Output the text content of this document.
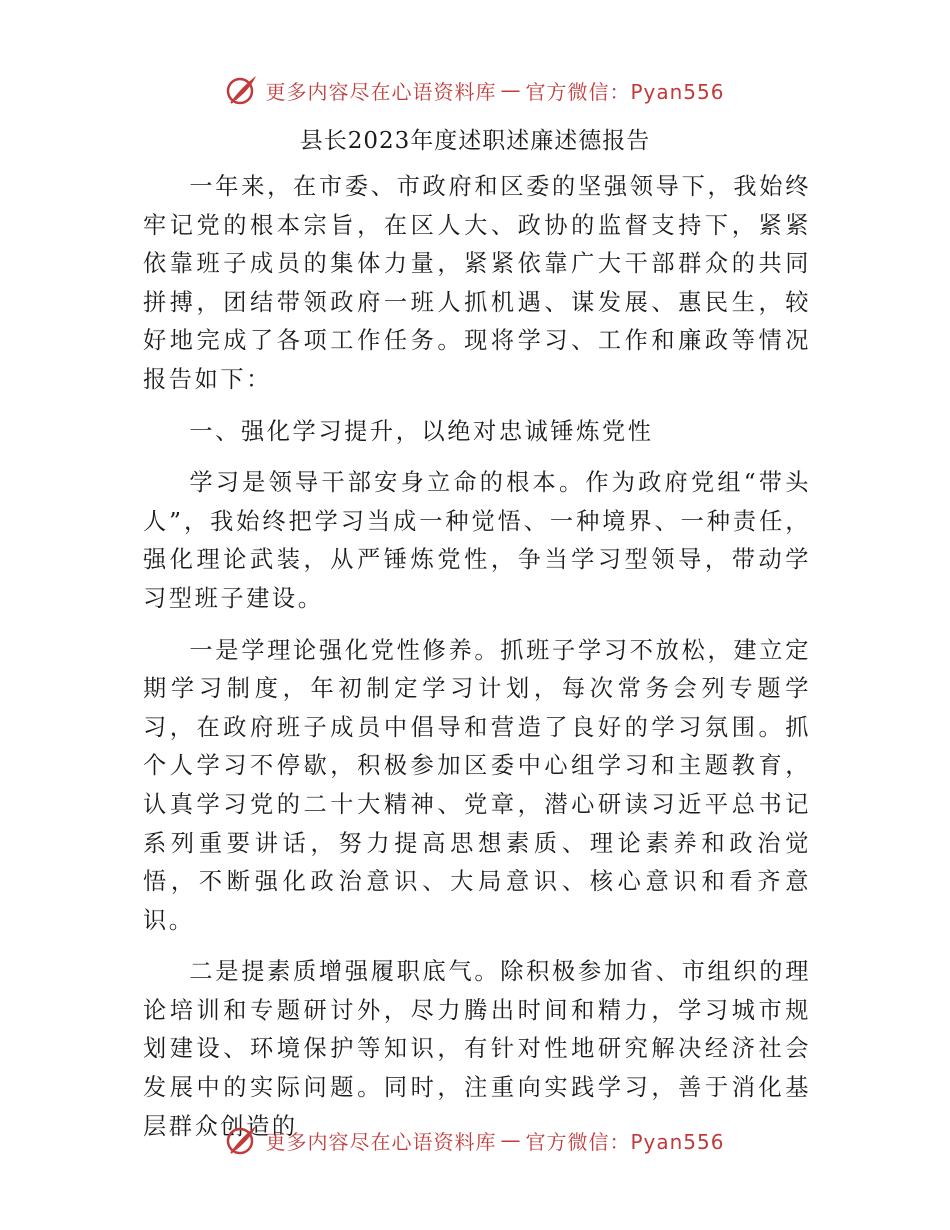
更多内容尽在心语资料库 — 官方微信：Pyan556
县长2023年度述职述廉述德报告

一年来，在市委、市政府和区委的坚强领导下，我始终牢记党的根本宗旨，在区人大、政协的监督支持下，紧紧依靠班子成员的集体力量，紧紧依靠广大干部群众的共同拼搏，团结带领政府一班人抓机遇、谋发展、惠民生，较好地完成了各项工作任务。现将学习、工作和廉政等情况报告如下：

一、强化学习提升，以绝对忠诚锤炼党性

学习是领导干部安身立命的根本。作为政府党组“带头人”，我始终把学习当成一种觉悟、一种境界、一种责任，强化理论武装，从严锤炼党性，争当学习型领导，带动学习型班子建设。

一是学理论强化党性修养。抓班子学习不放松，建立定期学习制度，年初制定学习计划，每次常务会列专题学习，在政府班子成员中倡导和营造了良好的学习氛围。抓个人学习不停歇，积极参加区委中心组学习和主题教育，认真学习党的二十大精神、党章，潜心研读习近平总书记系列重要讲话，努力提高思想素质、理论素养和政治觉悟，不断强化政治意识、大局意识、核心意识和看齐意识。

二是提素质增强履职底气。除积极参加省、市组织的理论培训和专题研讨外，尽力腾出时间和精力，学习城市规划建设、环境保护等知识，有针对性地研究解决经济社会发展中的实际问题。同时，注重向实践学习，善于消化基层群众创造的

更多内容尽在心语资料库 — 官方微信：Pyan556
